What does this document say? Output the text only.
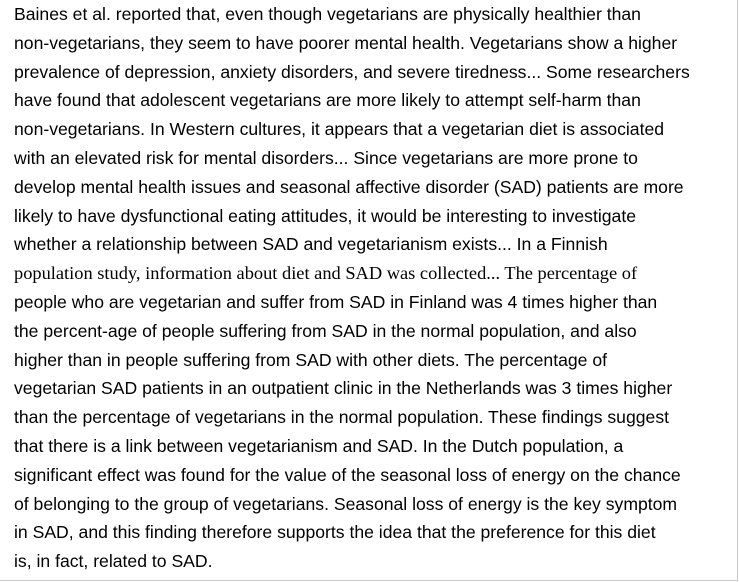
Baines et al. reported that, even though vegetarians are physically healthier than
non-vegetarians, they seem to have poorer mental health. Vegetarians show a higher
prevalence of depression, anxiety disorders, and severe tiredness... Some researchers
have found that adolescent vegetarians are more likely to attempt self-harm than
non-vegetarians. In Western cultures, it appears that a vegetarian diet is associated
with an elevated risk for mental disorders... Since vegetarians are more prone to
develop mental health issues and seasonal affective disorder (SAD) patients are more
likely to have dysfunctional eating attitudes, it would be interesting to investigate
whether a relationship between SAD and vegetarianism exists... In a Finnish
population study, information about diet and SAD was collected... The percentage of
people who are vegetarian and suffer from SAD in Finland was 4 times higher than
the percent-age of people suffering from SAD in the normal population, and also
higher than in people suffering from SAD with other diets. The percentage of
vegetarian SAD patients in an outpatient clinic in the Netherlands was 3 times higher
than the percentage of vegetarians in the normal population. These findings suggest
that there is a link between vegetarianism and SAD. In the Dutch population, a
significant effect was found for the value of the seasonal loss of energy on the chance
of belonging to the group of vegetarians. Seasonal loss of energy is the key symptom
in SAD, and this finding therefore supports the idea that the preference for this diet
is, in fact, related to SAD.
